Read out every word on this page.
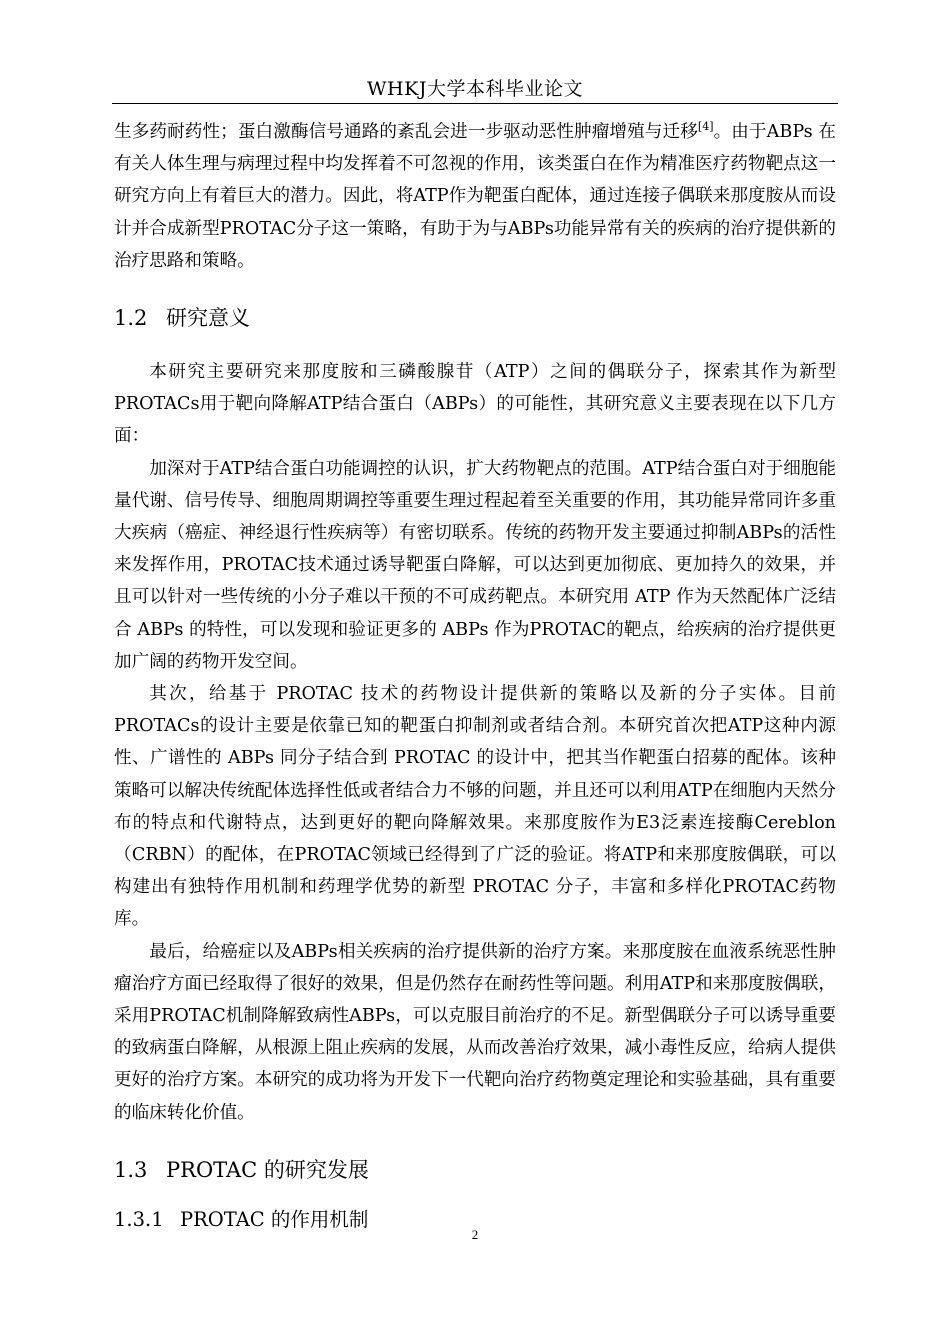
WHKJ大学本科毕业论文

生多药耐药性；蛋白激酶信号通路的紊乱会进一步驱动恶性肿瘤增殖与迁移[4]。由于ABPs 在有关人体生理与病理过程中均发挥着不可忽视的作用，该类蛋白在作为精准医疗药物靶点这一研究方向上有着巨大的潜力。因此，将ATP作为靶蛋白配体，通过连接子偶联来那度胺从而设计并合成新型PROTAC分子这一策略，有助于为与ABPs功能异常有关的疾病的治疗提供新的治疗思路和策略。

1.2 研究意义

本研究主要研究来那度胺和三磷酸腺苷（ATP）之间的偶联分子，探索其作为新型PROTACs用于靶向降解ATP结合蛋白（ABPs）的可能性，其研究意义主要表现在以下几方面：

加深对于ATP结合蛋白功能调控的认识，扩大药物靶点的范围。ATP结合蛋白对于细胞能量代谢、信号传导、细胞周期调控等重要生理过程起着至关重要的作用，其功能异常同许多重大疾病（癌症、神经退行性疾病等）有密切联系。传统的药物开发主要通过抑制ABPs的活性来发挥作用，PROTAC技术通过诱导靶蛋白降解，可以达到更加彻底、更加持久的效果，并且可以针对一些传统的小分子难以干预的不可成药靶点。本研究用 ATP 作为天然配体广泛结合 ABPs 的特性，可以发现和验证更多的 ABPs 作为PROTAC的靶点，给疾病的治疗提供更加广阔的药物开发空间。

其次，给基于 PROTAC 技术的药物设计提供新的策略以及新的分子实体。目前PROTACs的设计主要是依靠已知的靶蛋白抑制剂或者结合剂。本研究首次把ATP这种内源性、广谱性的 ABPs 同分子结合到 PROTAC 的设计中，把其当作靶蛋白招募的配体。该种策略可以解决传统配体选择性低或者结合力不够的问题，并且还可以利用ATP在细胞内天然分布的特点和代谢特点，达到更好的靶向降解效果。来那度胺作为E3泛素连接酶Cereblon（CRBN）的配体，在PROTAC领域已经得到了广泛的验证。将ATP和来那度胺偶联，可以构建出有独特作用机制和药理学优势的新型 PROTAC 分子，丰富和多样化PROTAC药物库。

最后，给癌症以及ABPs相关疾病的治疗提供新的治疗方案。来那度胺在血液系统恶性肿瘤治疗方面已经取得了很好的效果，但是仍然存在耐药性等问题。利用ATP和来那度胺偶联，采用PROTAC机制降解致病性ABPs，可以克服目前治疗的不足。新型偶联分子可以诱导重要的致病蛋白降解，从根源上阻止疾病的发展，从而改善治疗效果，减小毒性反应，给病人提供更好的治疗方案。本研究的成功将为开发下一代靶向治疗药物奠定理论和实验基础，具有重要的临床转化价值。

1.3 PROTAC 的研究发展
1.3.1 PROTAC 的作用机制
2
